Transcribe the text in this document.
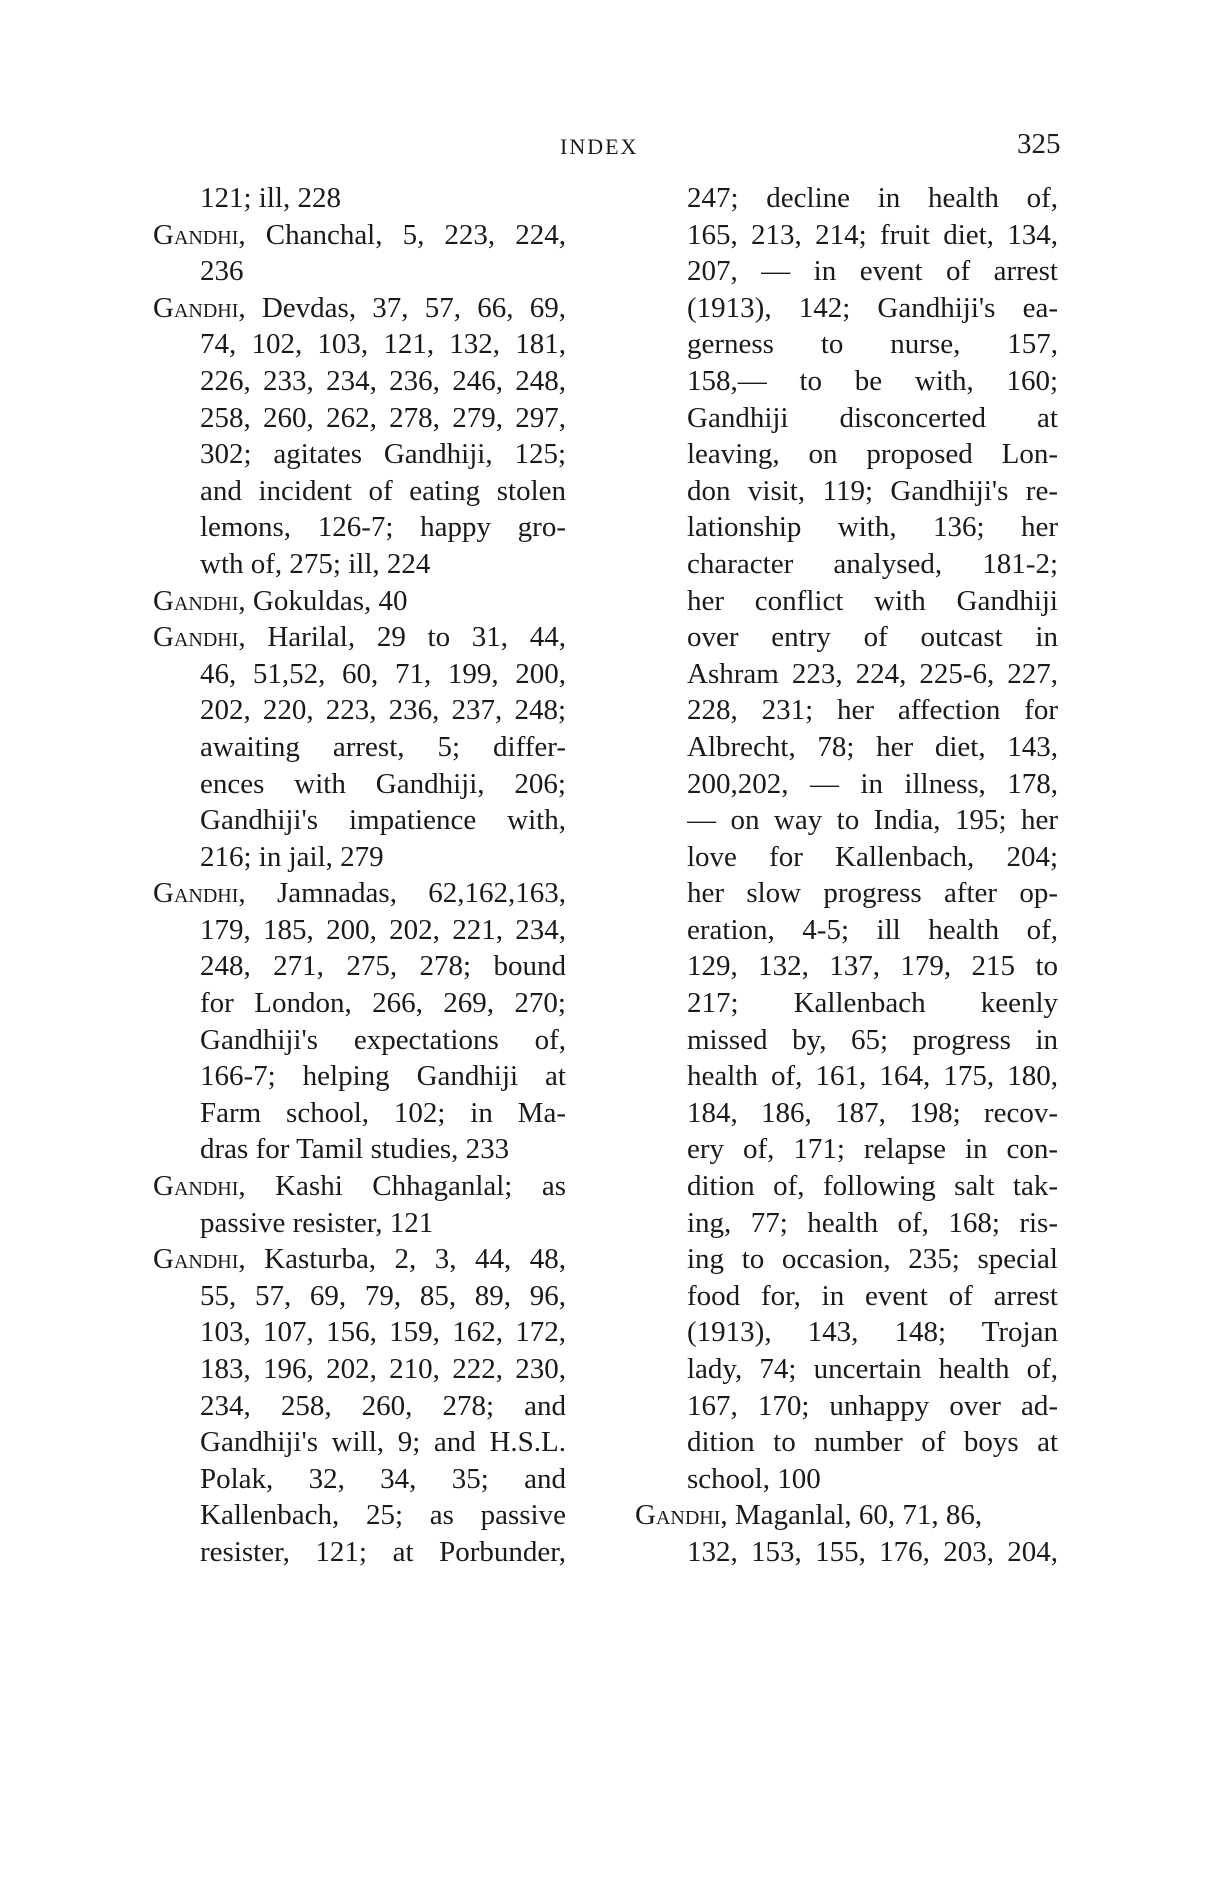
CWMG XCVI
INDEX	325
121; ill, 228
Gandhi, Chanchal, 5, 223, 224,
236
Gandhi, Devdas, 37, 57, 66, 69,
74, 102, 103, 121, 132, 181,
226, 233, 234, 236, 246, 248,
258, 260, 262, 278, 279, 297,
302; agitates Gandhiji, 125;
and incident of eating stolen
lemons, 126-7; happy gro-
wth of, 275; ill, 224
Gandhi, Gokuldas, 40
Gandhi, Harilal, 29 to 31, 44,
46, 51,52, 60, 71, 199, 200,
202, 220, 223, 236, 237, 248;
awaiting arrest, 5; differ-
ences with Gandhiji, 206;
Gandhiji's impatience with,
216; in jail, 279
Gandhi, Jamnadas, 62,162,163,
179, 185, 200, 202, 221, 234,
248, 271, 275, 278; bound
for London, 266, 269, 270;
Gandhiji's expectations of,
166-7; helping Gandhiji at
Farm school, 102; in Ma-
dras for Tamil studies, 233
Gandhi, Kashi Chhaganlal; as
passive resister, 121
Gandhi, Kasturba, 2, 3, 44, 48,
55, 57, 69, 79, 85, 89, 96,
103, 107, 156, 159, 162, 172,
183, 196, 202, 210, 222, 230,
234, 258, 260, 278; and
Gandhiji's will, 9; and H.S.L.
Polak, 32, 34, 35; and
Kallenbach, 25; as passive
resister, 121; at Porbunder,
247; decline in health of,
165, 213, 214; fruit diet, 134,
207, — in event of arrest
(1913), 142; Gandhiji's ea-
gerness to nurse, 157,
158,— to be with, 160;
Gandhiji disconcerted at
leaving, on proposed Lon-
don visit, 119; Gandhiji's re-
lationship with, 136; her
character analysed, 181-2;
her conflict with Gandhiji
over entry of outcast in
Ashram 223, 224, 225-6, 227,
228, 231; her affection for
Albrecht, 78; her diet, 143,
200,202, — in illness, 178,
— on way to India, 195; her
love for Kallenbach, 204;
her slow progress after op-
eration, 4-5; ill health of,
129, 132, 137, 179, 215 to
217; Kallenbach keenly
missed by, 65; progress in
health of, 161, 164, 175, 180,
184, 186, 187, 198; recov-
ery of, 171; relapse in con-
dition of, following salt tak-
ing, 77; health of, 168; ris-
ing to occasion, 235; special
food for, in event of arrest
(1913), 143, 148; Trojan
lady, 74; uncertain health of,
167, 170; unhappy over ad-
dition to number of boys at
school, 100
Gandhi, Maganlal, 60, 71, 86,
132, 153, 155, 176, 203, 204,
